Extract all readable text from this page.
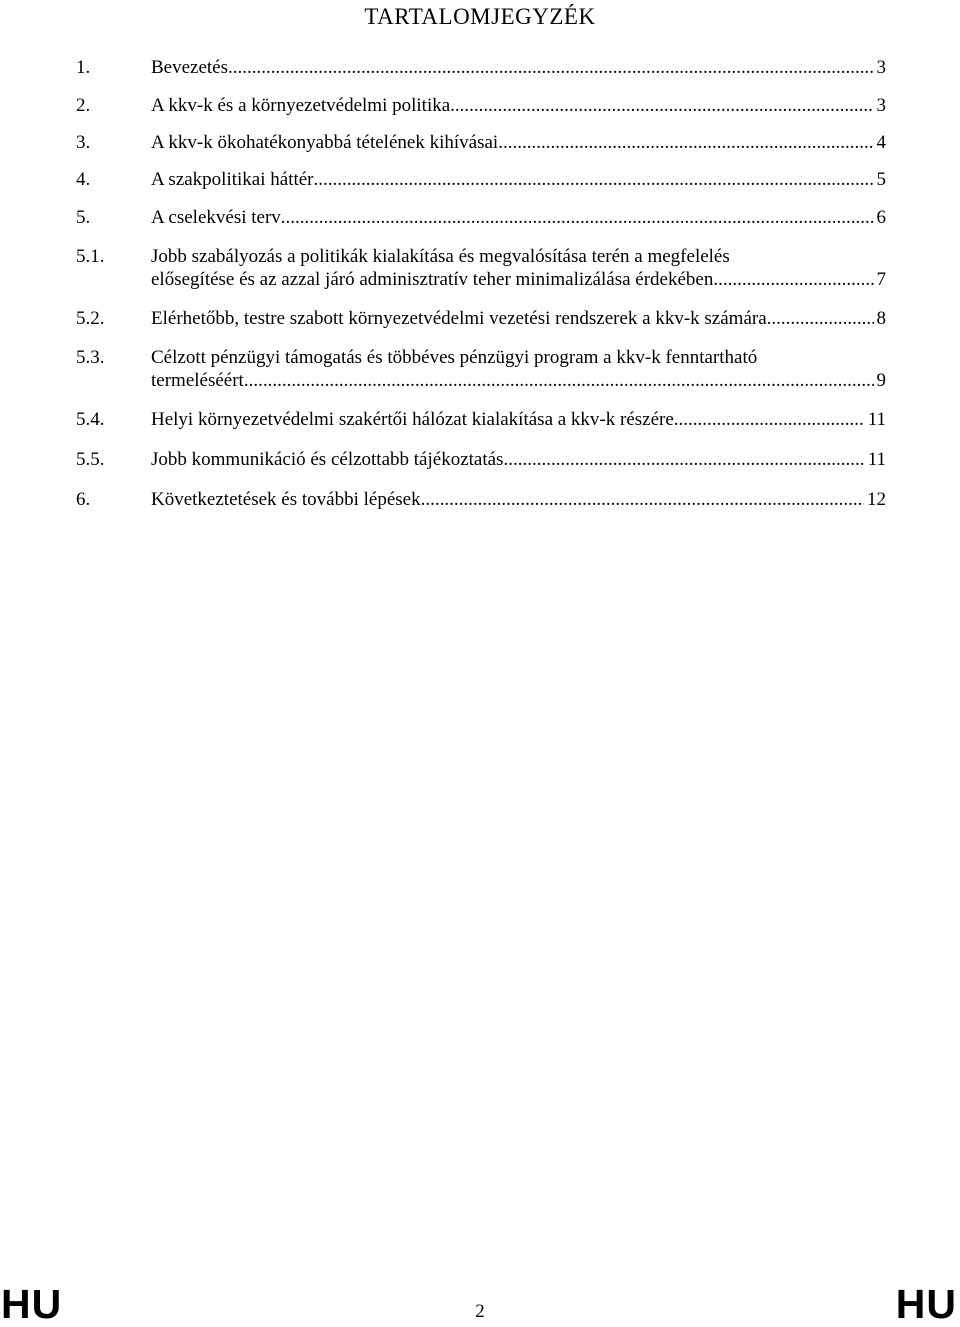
TARTALOMJEGYZÉK
1.	Bevezetés .....	3
2.	A kkv-k és a környezetvédelmi politika .....	3
3.	A kkv-k ökohatékonyabbá tételének kihívásai .....	4
4.	A szakpolitikai háttér .....	5
5.	A cselekvési terv .....	6
5.1.	Jobb szabályozás a politikák kialakítása és megvalósítása terén a megfelelés
elősegítése és az azzal járó adminisztratív teher minimalizálása érdekében .....	7
5.2.	Elérhetőbb, testre szabott környezetvédelmi vezetési rendszerek a kkv-k számára .....	8
5.3.	Célzott pénzügyi támogatás és többéves pénzügyi program a kkv-k fenntartható
termeléséért .....	9
5.4.	Helyi környezetvédelmi szakértői hálózat kialakítása a kkv-k részére .....	11
5.5.	Jobb kommunikáció és célzottabb tájékoztatás .....	11
6.	Következtetések és további lépések .....	12
HU	2	HU
